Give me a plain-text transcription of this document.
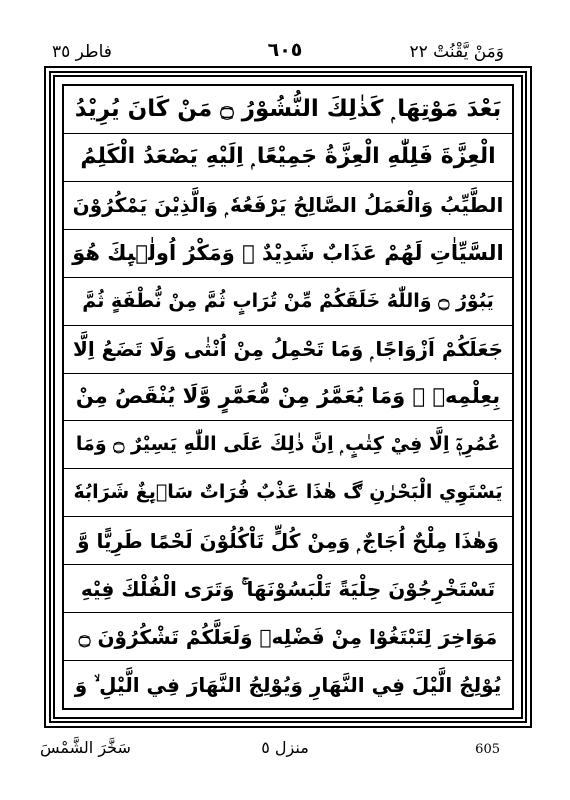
فاطر ٣٥	٦٠٥	وَمَنْ يَّقْنُتْ ٢٢
بَعْدَ مَوْتِهَا ۭ كَذٰلِكَ النُّشُوْرُ ۝ مَنْ كَانَ يُرِيْدُ
الْعِزَّةَ فَلِلّٰهِ الْعِزَّةُ جَمِيْعًا ۭ اِلَيْهِ يَصْعَدُ الْكَلِمُ
الطَّيِّبُ وَالْعَمَلُ الصَّالِحُ يَرْفَعُهٗ ۭ وَالَّذِيْنَ يَمْكُرُوْنَ
السَّيِّاٰتِ لَهُمْ عَذَابٌ شَدِيْدٌ ۭ وَمَكْرُ اُولٰۗىِٕكَ هُوَ
يَبُوْرُ ۝ وَاللّٰهُ خَلَقَكُمْ مِّنْ تُرَابٍ ثُمَّ مِنْ نُّطْفَةٍ ثُمَّ
جَعَلَكُمْ اَزْوَاجًا ۭ وَمَا تَحْمِلُ مِنْ اُنْثٰى وَلَا تَضَعُ اِلَّا
بِعِلْمِهٖ ۭ وَمَا يُعَمَّرُ مِنْ مُّعَمَّرٍ وَّلَا يُنْقَصُ مِنْ
عُمُرِهٖٓ اِلَّا فِيْ كِتٰبٍ ۭ اِنَّ ذٰلِكَ عَلَى اللّٰهِ يَسِيْرٌ ۝ وَمَا
يَسْتَوِي الْبَحْرٰنِ ڰ هٰذَا عَذْبٌ فُرَاتٌ سَاۗىِٕغٌ شَرَابُهٗ
وَهٰذَا مِلْحٌ اُجَاجٌ ۭ وَمِنْ كُلٍّ تَاْكُلُوْنَ لَحْمًا طَرِيًّا وَّ
تَسْتَخْرِجُوْنَ حِلْيَةً تَلْبَسُوْنَهَا ۚ وَتَرَى الْفُلْكَ فِيْهِ
مَوَاخِرَ لِتَبْتَغُوْا مِنْ فَضْلِهٖ وَلَعَلَّكُمْ تَشْكُرُوْنَ ۝
يُوْلِجُ الَّيْلَ فِي النَّهَارِ وَيُوْلِجُ النَّهَارَ فِي الَّيْلِ ۙ وَ
سَخَّرَ الشَّمْسَ	منزل ٥	605
